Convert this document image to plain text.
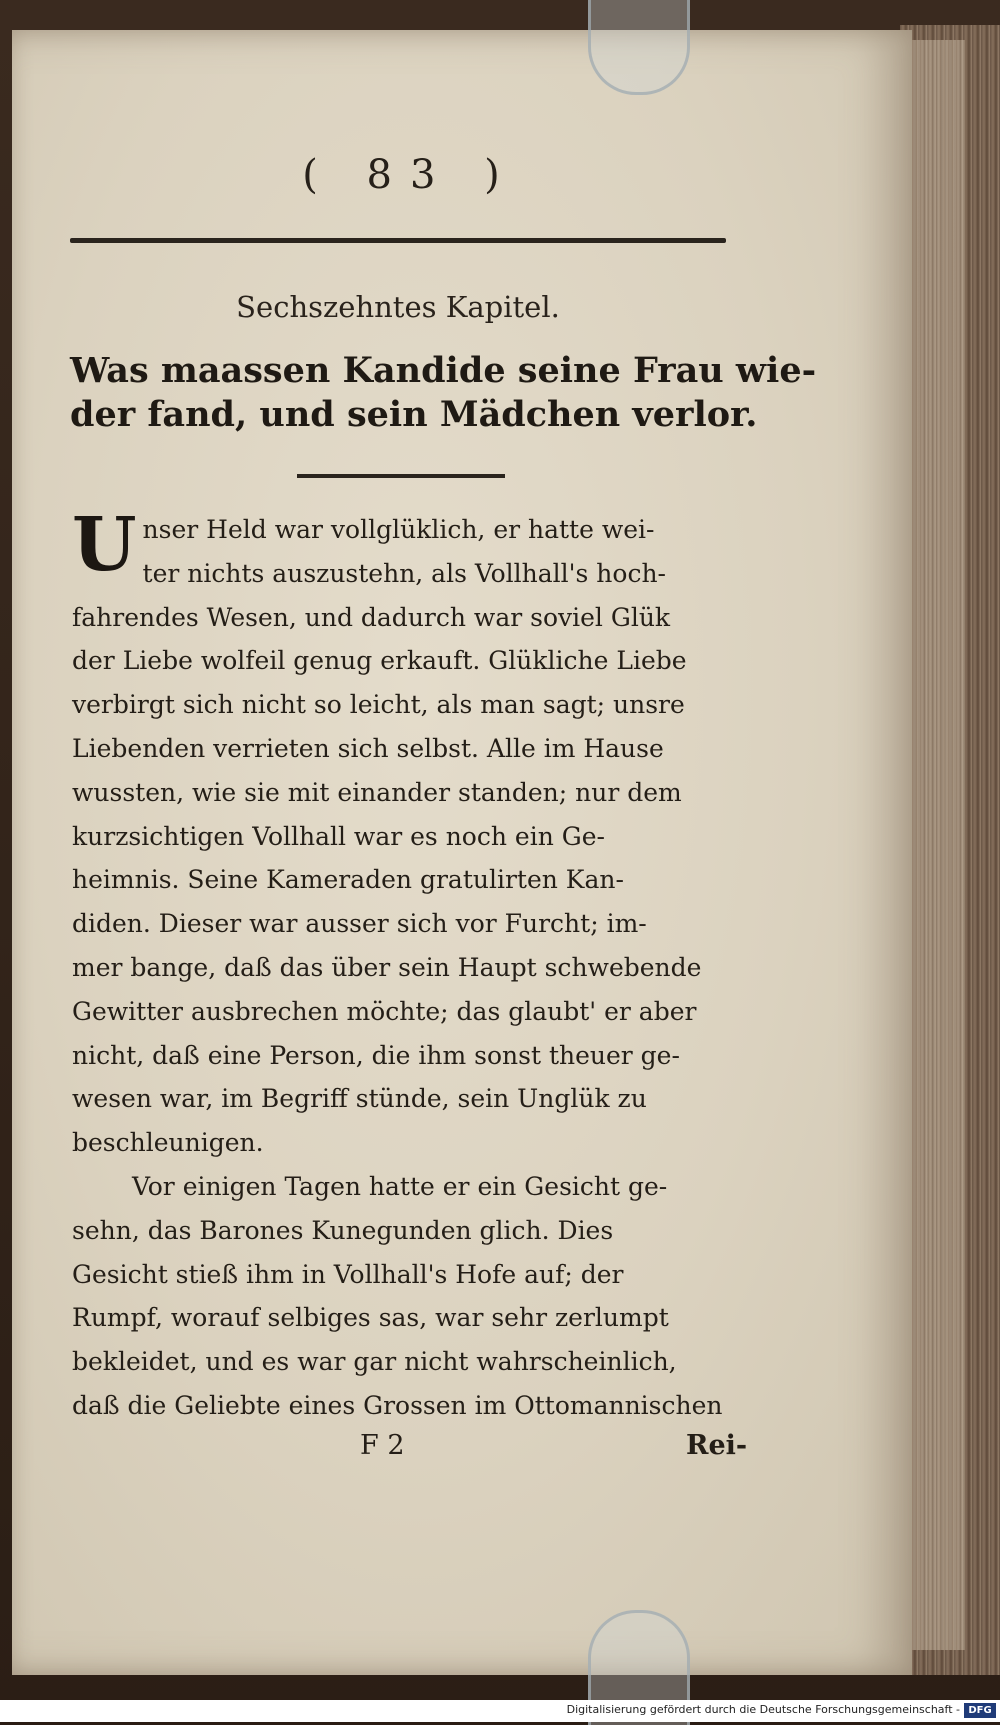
( 83 )
Sechszehntes Kapitel.
Was maassen Kandide seine Frau wie-
der fand, und sein Mädchen verlor.
U nser Held war vollglüklich, er hatte wei-
ter nichts auszustehn, als Vollhall's hoch-
fahrendes Wesen, und dadurch war soviel Glük
der Liebe wolfeil genug erkauft. Glükliche Liebe
verbirgt sich nicht so leicht, als man sagt; unsre
Liebenden verrieten sich selbst. Alle im Hause
wussten, wie sie mit einander standen; nur dem
kurzsichtigen Vollhall war es noch ein Ge-
heimnis. Seine Kameraden gratulirten Kan-
diden. Dieser war ausser sich vor Furcht; im-
mer bange, daß das über sein Haupt schwebende
Gewitter ausbrechen möchte; das glaubt' er aber
nicht, daß eine Person, die ihm sonst theuer ge-
wesen war, im Begriff stünde, sein Unglük zu
beschleunigen.
Vor einigen Tagen hatte er ein Gesicht ge-
sehn, das Barones Kunegunden glich. Dies
Gesicht stieß ihm in Vollhall's Hofe auf; der
Rumpf, worauf selbiges sas, war sehr zerlumpt
bekleidet, und es war gar nicht wahrscheinlich,
daß die Geliebte eines Grossen im Ottomannischen
F 2	Rei-
Digitalisierung gefördert durch die Deutsche Forschungsgemeinschaft - DFG
